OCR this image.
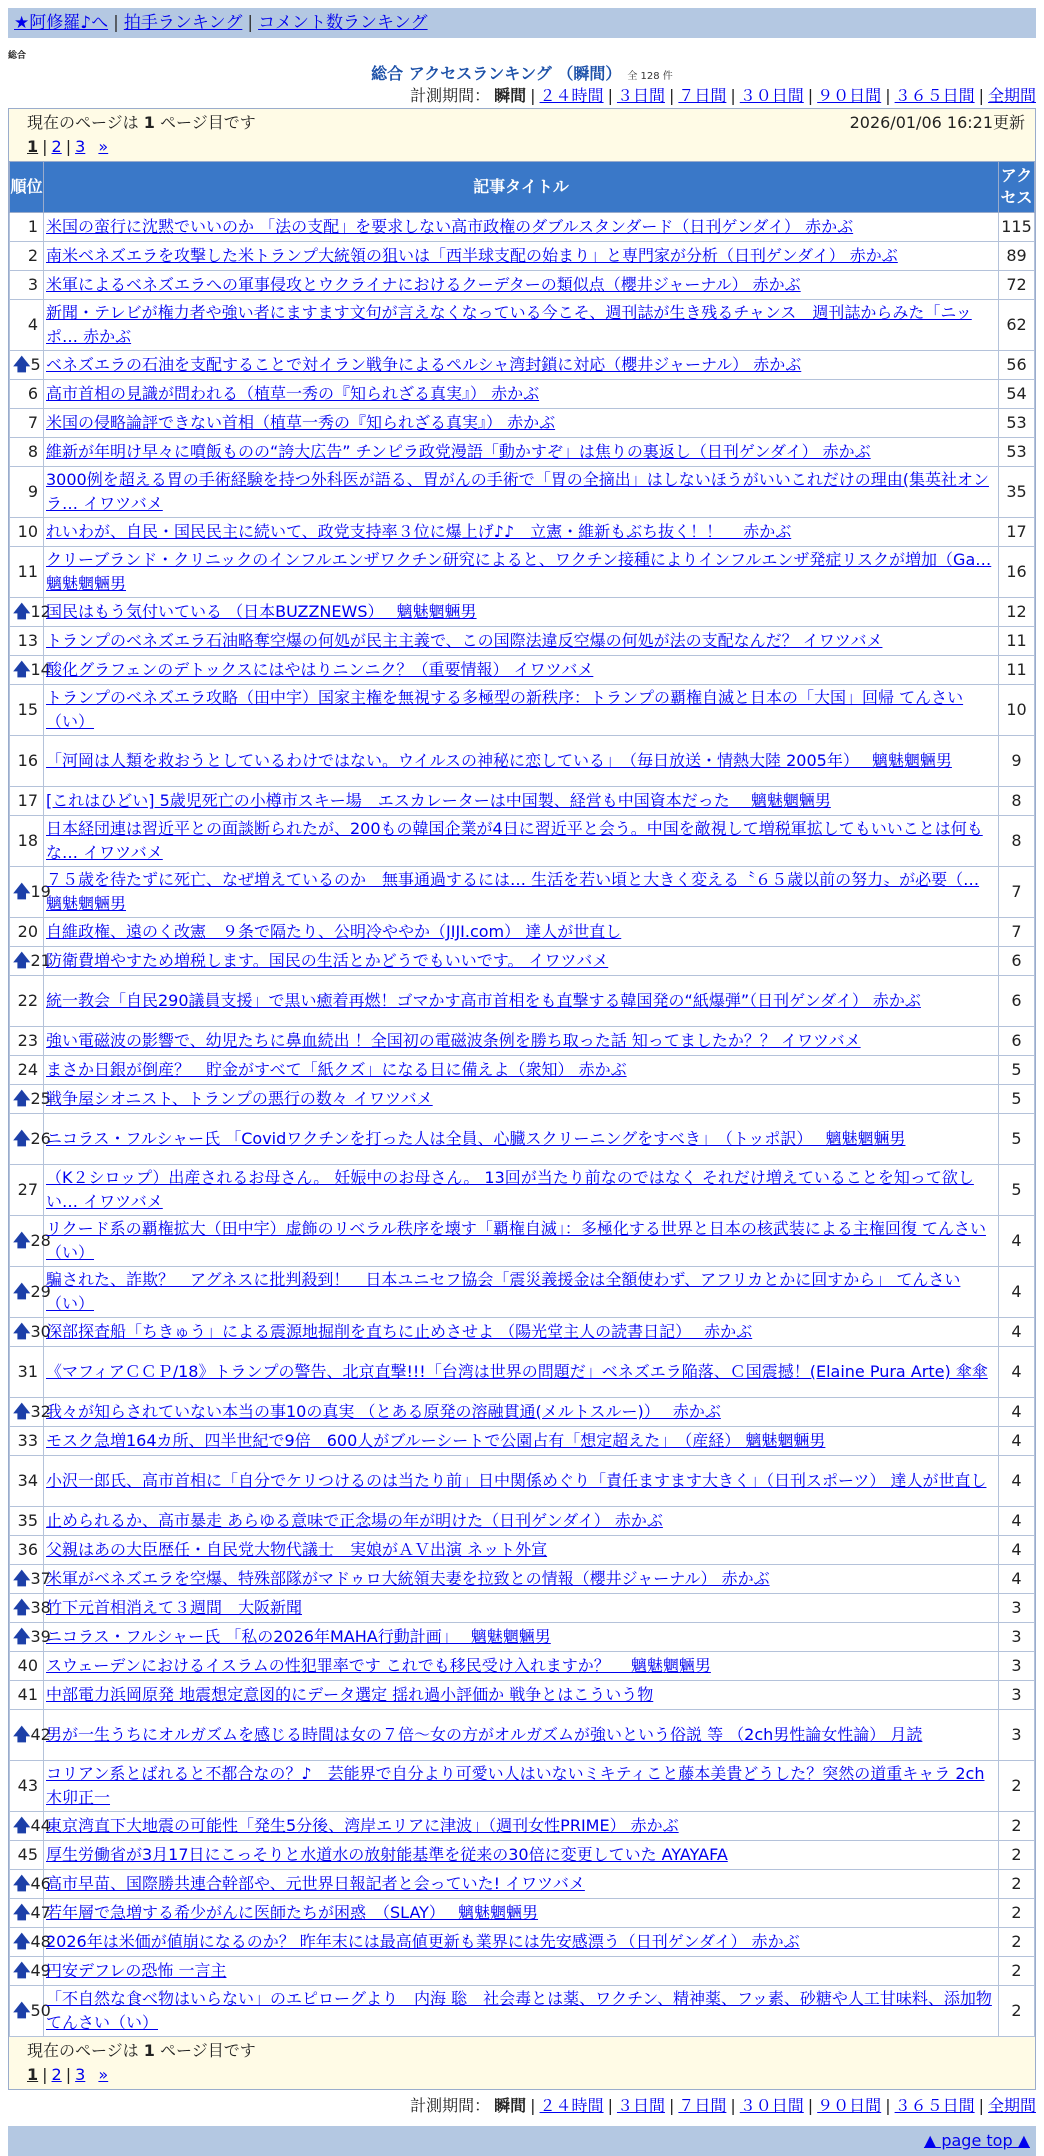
★阿修羅♪へ | 拍手ランキング | コメント数ランキング
総合
総合 アクセスランキング （瞬間） 全 128 件
計測期間： 瞬間 | ２４時間 | ３日間 | ７日間 | ３０日間 | ９０日間 | ３６５日間 | 全期間
現在のページは 1 ページ目です	2026/01/06 16:21更新
1 | 2 | 3 »
順位	記事タイトル	アクセス
1	米国の蛮行に沈黙でいいのか 「法の支配」を要求しない高市政権のダブルスタンダード（日刊ゲンダイ） 赤かぶ	115
2	南米ベネズエラを攻撃した米トランプ大統領の狙いは「西半球支配の始まり」と専門家が分析（日刊ゲンダイ） 赤かぶ	89
3	米軍によるベネズエラへの軍事侵攻とウクライナにおけるクーデターの類似点（櫻井ジャーナル） 赤かぶ	72
4	新聞・テレビが権力者や強い者にますます文句が言えなくなっている今こそ、週刊誌が生き残るチャンス　週刊誌からみた「ニッポ… 赤かぶ	62

🡅 5	ベネズエラの石油を支配することで対イラン戦争によるペルシャ湾封鎖に対応（櫻井ジャーナル） 赤かぶ	56
6	高市首相の見識が問われる（植草一秀の『知られざる真実』） 赤かぶ	54
7	米国の侵略論評できない首相（植草一秀の『知られざる真実』） 赤かぶ	53
8	維新が年明け早々に噴飯ものの“誇大広告” チンピラ政党漫語「動かすぞ」は焦りの裏返し（日刊ゲンダイ） 赤かぶ	53
9	3000例を超える胃の手術経験を持つ外科医が語る、胃がんの手術で「胃の全摘出」はしないほうがいいこれだけの理由(集英社オンラ… イワツバメ	35
10	れいわが、自民・国民民主に続いて、政党支持率３位に爆上げ♪♪　立憲・維新もぶち抜く！！　 赤かぶ	17
11	クリーブランド・クリニックのインフルエンザワクチン研究によると、ワクチン接種によりインフルエンザ発症リスクが増加（Ga… 魑魅魍魎男	16

🡅 12	国民はもう気付いている （日本BUZZNEWS）　 魑魅魍魎男	12
13	トランプのベネズエラ石油略奪空爆の何処が民主主義で、この国際法違反空爆の何処が法の支配なんだ？ イワツバメ	11

🡅 14	酸化グラフェンのデトックスにはやはりニンニク？（重要情報） イワツバメ	11
15	トランプのベネズエラ攻略（田中宇）国家主権を無視する多極型の新秩序：トランプの覇権自滅と日本の「大国」回帰 てんさい（い）	10
16	「河岡は人類を救おうとしているわけではない。ウイルスの神秘に恋している」　（毎日放送・情熱大陸 2005年）　 魑魅魍魎男	9
17	[これはひどい] 5歳児死亡の小樽市スキー場　エスカレーターは中国製、経営も中国資本だった　 魑魅魍魎男	8
18	日本経団連は習近平との面談断られたが、200もの韓国企業が4日に習近平と会う。中国を敵視して増税軍拡してもいいことは何もな… イワツバメ	8

🡅 19	７５歳を待たずに死亡、なぜ増えているのか　無事通過するには… 生活を若い頃と大きく変える〝６５歳以前の努力〟が必要（… 魑魅魍魎男	7
20	自維政権、遠のく改憲　９条で隔たり、公明冷ややか（JIJI.com） 達人が世直し	7

🡅 21	防衛費増やすため増税します。国民の生活とかどうでもいいです。 イワツバメ	6
22	統一教会「自民290議員支援」で黒い癒着再燃！ゴマかす高市首相をも直撃する韓国発の“紙爆弾”（日刊ゲンダイ） 赤かぶ	6
23	強い電磁波の影響で、幼児たちに鼻血続出 ！全国初の電磁波条例を勝ち取った話 知ってましたか？？ イワツバメ	6
24	まさか日銀が倒産？　貯金がすべて「紙クズ」になる日に備えよ（衆知） 赤かぶ	5

🡅 25	戦争屋シオニスト、トランプの悪行の数々 イワツバメ	5

🡅 26	ニコラス・フルシャー氏 「Covidワクチンを打った人は全員、心臓スクリーニングをすべき」　（トッポ訳）　 魑魅魍魎男	5
27	（K２シロップ）出産されるお母さん。 妊娠中のお母さん。 13回が当たり前なのではなく それだけ増えていることを知って欲しい… イワツバメ	5

🡅 28	リクード系の覇権拡大（田中宇）虚飾のリベラル秩序を壊す「覇権自滅」：多極化する世界と日本の核武装による主権回復 てんさい（い）	4

🡅 29	騙された、詐欺？　アグネスに批判殺到！　日本ユニセフ協会「震災義援金は全額使わず、アフリカとかに回すから」 てんさい（い）	4

🡅 30	深部探査船「ちきゅう」による震源地掘削を直ちに止めさせよ （陽光堂主人の読書日記）　 赤かぶ	4
31	《マフィアＣＣＰ/18》トランプの警告、北京直撃!!!「台湾は世界の問題だ」ベネズエラ陥落、Ｃ国震撼！(Elaine Pura Arte) 傘傘	4

🡅 32	我々が知らされていない本当の事10の真実 （とある原発の溶融貫通(メルトスルー)）　 赤かぶ	4
33	モスク急増164カ所、四半世紀で9倍　600人がブルーシートで公園占有「想定超えた」　（産経） 魑魅魍魎男	4
34	小沢一郎氏、高市首相に「自分でケリつけるのは当たり前」日中関係めぐり「責任ますます大きく」（日刊スポーツ） 達人が世直し	4
35	止められるか、高市暴走 あらゆる意味で正念場の年が明けた（日刊ゲンダイ） 赤かぶ	4
36	父親はあの大臣歴任・自民党大物代議士　実娘がＡＶ出演 ネット外宣	4

🡅 37	米軍がベネズエラを空爆、特殊部隊がマドゥロ大統領夫妻を拉致との情報（櫻井ジャーナル） 赤かぶ	4

🡅 38	竹下元首相消えて３週間　大阪新聞	3

🡅 39	ニコラス・フルシャー氏 「私の2026年MAHA行動計画」　 魑魅魍魎男	3
40	スウェーデンにおけるイスラムの性犯罪率です これでも移民受け入れますか？　 魑魅魍魎男	3
41	中部電力浜岡原発 地震想定意図的にデータ選定 揺れ過小評価か 戦争とはこういう物	3

🡅 42	男が一生うちにオルガズムを感じる時間は女の７倍〜女の方がオルガズムが強いという俗説 等 （2ch男性論女性論） 月読	3
43	コリアン系とばれると不都合なの？♪　芸能界で自分より可愛い人はいないミキティこと藤本美貴どうした？突然の道重キャラ 2ch 木卯正一	2

🡅 44	東京湾直下大地震の可能性「発生5分後、湾岸エリアに津波」（週刊女性PRIME） 赤かぶ	2
45	厚生労働省が3月17日にこっそりと水道水の放射能基準を従来の30倍に変更していた AYAYAFA	2

🡅 46	高市早苗、国際勝共連合幹部や、元世界日報記者と会っていた! イワツバメ	2

🡅 47	若年層で急増する希少がんに医師たちが困惑　（SLAY）　 魑魅魍魎男	2

🡅 48	2026年は米価が値崩になるのか？ 昨年末には最高値更新も業界には先安感漂う（日刊ゲンダイ） 赤かぶ	2

🡅 49	円安デフレの恐怖 一言主	2

🡅 50	「不自然な食べ物はいらない」のエピローグより　内海 聡　社会毒とは薬、ワクチン、精神薬、フッ素、砂糖や人工甘味料、添加物 てんさい（い）	2
現在のページは 1 ページ目です
1 | 2 | 3 »
計測期間： 瞬間 | ２４時間 | ３日間 | ７日間 | ３０日間 | ９０日間 | ３６５日間 | 全期間
▲ page top ▲
